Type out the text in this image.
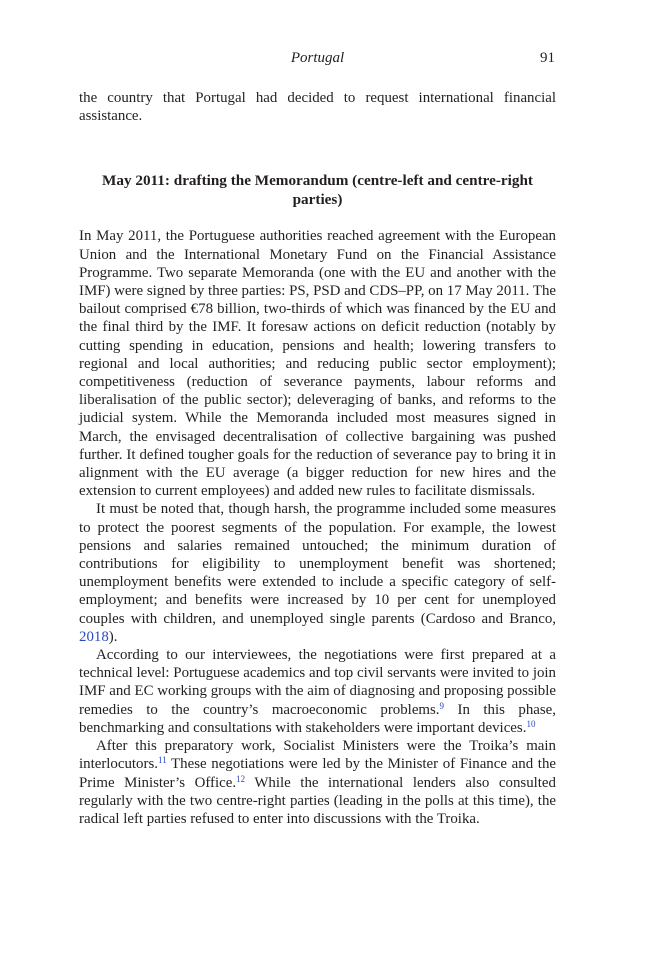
Portugal	91

the country that Portugal had decided to request international financial assistance.

May 2011: drafting the Memorandum (centre-left and centre-right parties)

In May 2011, the Portuguese authorities reached agreement with the European Union and the International Monetary Fund on the Financial Assistance Programme. Two separate Memoranda (one with the EU and another with the IMF) were signed by three parties: PS, PSD and CDS–PP, on 17 May 2011. The bailout comprised €78 billion, two-thirds of which was financed by the EU and the final third by the IMF. It foresaw actions on deficit reduction (notably by cutting spending in education, pensions and health; lowering transfers to regional and local authorities; and reducing public sector employment); competitiveness (reduction of severance payments, labour reforms and liberalisation of the public sector); deleveraging of banks, and reforms to the judicial system. While the Memoranda included most measures signed in March, the envisaged decentralisation of collective bargaining was pushed further. It defined tougher goals for the reduction of severance pay to bring it in alignment with the EU average (a bigger reduction for new hires and the extension to current employees) and added new rules to facilitate dismissals.

It must be noted that, though harsh, the programme included some measures to protect the poorest segments of the population. For example, the lowest pensions and salaries remained untouched; the minimum duration of contributions for eligibility to unemployment benefit was shortened; unemployment benefits were extended to include a specific category of self-employment; and benefits were increased by 10 per cent for unemployed couples with children, and unemployed single parents (Cardoso and Branco, 2018).

According to our interviewees, the negotiations were first prepared at a technical level: Portuguese academics and top civil servants were invited to join IMF and EC working groups with the aim of diagnosing and proposing possible remedies to the country’s macroeconomic problems.$^9$ In this phase, benchmarking and consultations with stakeholders were important devices.$^{10}$

After this preparatory work, Socialist Ministers were the Troika’s main interlocutors.$^{11}$ These negotiations were led by the Minister of Finance and the Prime Minister’s Office.$^{12}$ While the international lenders also consulted regularly with the two centre-right parties (leading in the polls at this time), the radical left parties refused to enter into discussions with the Troika.
